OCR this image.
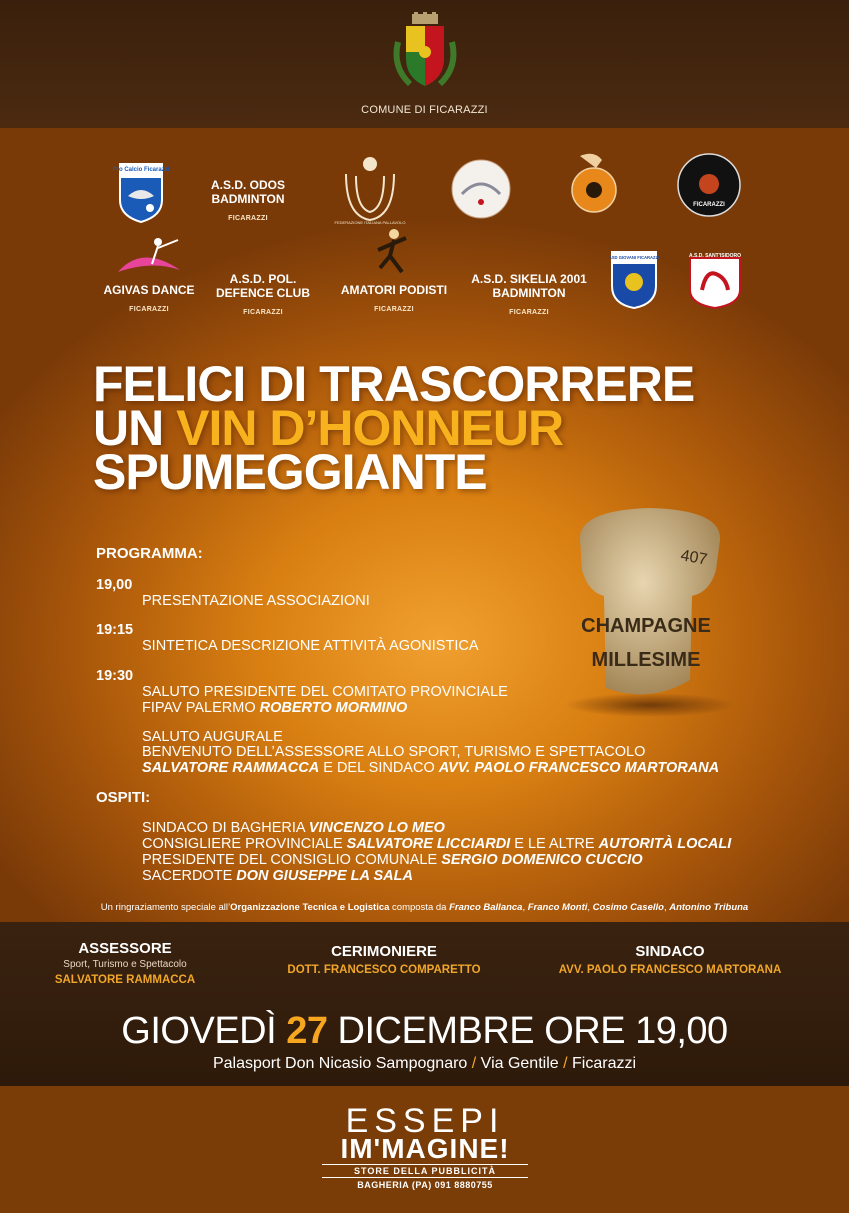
COMUNE DI FICARAZZI
Pro Calcio Ficarazzi
A.S.D. ODOS BADMINTON
FICARAZZI
FEDERAZIONE ITALIANA PALLAVOLO
FICARAZZI
AGIVAS DANCE
FICARAZZI
A.S.D. POL. DEFENCE CLUB
FICARAZZI
AMATORI PODISTI
FICARAZZI
A.S.D. SIKELIA 2001 BADMINTON
FICARAZZI
ASD GIOVANI FICARAZZI	A.S.D. SANT'ISIDORO
FELICI DI TRASCORRERE
UN VIN D’HONNEUR
SPUMEGGIANTE
407
CHAMPAGNE
MILLESIME
PROGRAMMA:
19,00
PRESENTAZIONE ASSOCIAZIONI
19:15
SINTETICA DESCRIZIONE ATTIVITÀ AGONISTICA
19:30
SALUTO PRESIDENTE DEL COMITATO PROVINCIALE
FIPAV PALERMO ROBERTO MORMINO
SALUTO AUGURALE
BENVENUTO DELL’ASSESSORE ALLO SPORT, TURISMO E SPETTACOLO
SALVATORE RAMMACCA E DEL SINDACO AVV. PAOLO FRANCESCO MARTORANA
OSPITI:
SINDACO DI BAGHERIA VINCENZO LO MEO
CONSIGLIERE PROVINCIALE SALVATORE LICCIARDI E LE ALTRE AUTORITÀ LOCALI
PRESIDENTE DEL CONSIGLIO COMUNALE SERGIO DOMENICO CUCCIO
SACERDOTE DON GIUSEPPE LA SALA
Un ringraziamento speciale all’Organizzazione Tecnica e Logistica composta da Franco Ballanca, Franco Monti, Cosimo Casello, Antonino Tribuna
ASSESSORE
Sport, Turismo e Spettacolo
SALVATORE RAMMACCA
CERIMONIERE
DOTT. FRANCESCO COMPARETTO
SINDACO
AVV. PAOLO FRANCESCO MARTORANA
GIOVEDÌ 27 DICEMBRE ORE 19,00
Palasport Don Nicasio Sampognaro / Via Gentile / Ficarazzi
ESSEPI
IM'MAGINE!
STORE DELLA PUBBLICITÀ
BAGHERIA (PA) 091 8880755
